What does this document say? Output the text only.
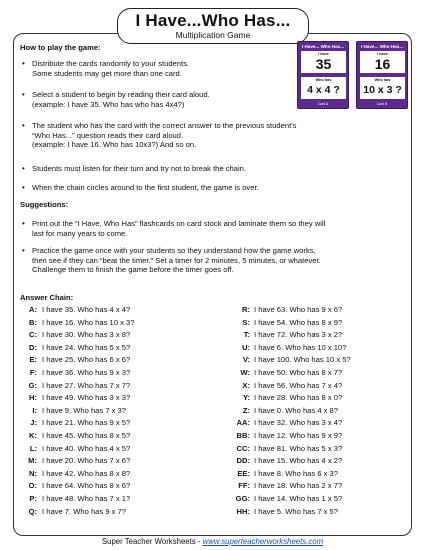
I Have...Who Has...
Multiplication Game
How to play the game:
• Distribute the cards randomly to your students.
Some students may get more than one card.
• Select a student to begin by reading their card aloud.
(example: I have 35. Who has who has 4x4?)
• The student who has the card with the correct answer to the previous student's
“Who Has...” question reads their card aloud.
(example: I have 16. Who has 10x3?) And so on.
• Students must listen for their turn and try not to break the chain.
• When the chain circles around to the first student, the game is over.
I Have... Who Has...
I have
35
Who has
4 x 4 ?
Card A
I Have... Who Has...
I have
16
Who has
10 x 3 ?
Card B
Suggestions:
• Print out the “I Have, Who Has” flashcards on card stock and laminate them so they will
last for many years to come.
• Practice the game once with your students so they understand how the game works,
then see if they can “beat the timer.” Set a timer for 2 minutes, 5 minutes, or whatever.
Challenge them to finish the game before the timer goes off.
Answer Chain:
A: I have 35. Who has 4 x 4?
B: I have 16. Who has 10 x 3?
C: I have 30. Who has 3 x 8?
D: I have 24. Who has 5 x 5?
E: I have 25. Who has 6 x 6?
F: I have 36. Who has 9 x 3?
G: I have 27. Who has 7 x 7?
H: I have 49. Who has 3 x 3?
I: I have 9. Who has 7 x 3?
J: I have 21. Who has 9 x 5?
K: I have 45. Who has 8 x 5?
L: I have 40. Who has 4 x 5?
M: I have 20. Who has 7 x 6?
N: I have 42. Who has 8 x 8?
O: I have 64. Who has 8 x 6?
P: I have 48. Who has 7 x 1?
Q: I have 7. Who has 9 x 7?
R: I have 63. Who has 9 x 6?
S: I have 54. Who has 8 x 9?
T: I have 72. Who has 3 x 2?
U: I have 6. Who has 10 x 10?
V: I have 100. Who has 10 x 5?
W: I have 50. Who has 8 x 7?
X: I have 56. Who has 7 x 4?
Y: I have 28. Who has 8 x 0?
Z: I have 0. Who has 4 x 8?
AA: I have 32. Who has 3 x 4?
BB: I have 12. Who has 9 x 9?
CC: I have 81. Who has 5 x 3?
DD: I have 15. Who has 4 x 2?
EE: I have 8. Who has 6 x 3?
FF: I have 18. Who has 2 x 7?
GG: I have 14. Who has 1 x 5?
HH: I have 5. Who has 7 x 5?
Super Teacher Worksheets - www.superteacherworksheets.com
